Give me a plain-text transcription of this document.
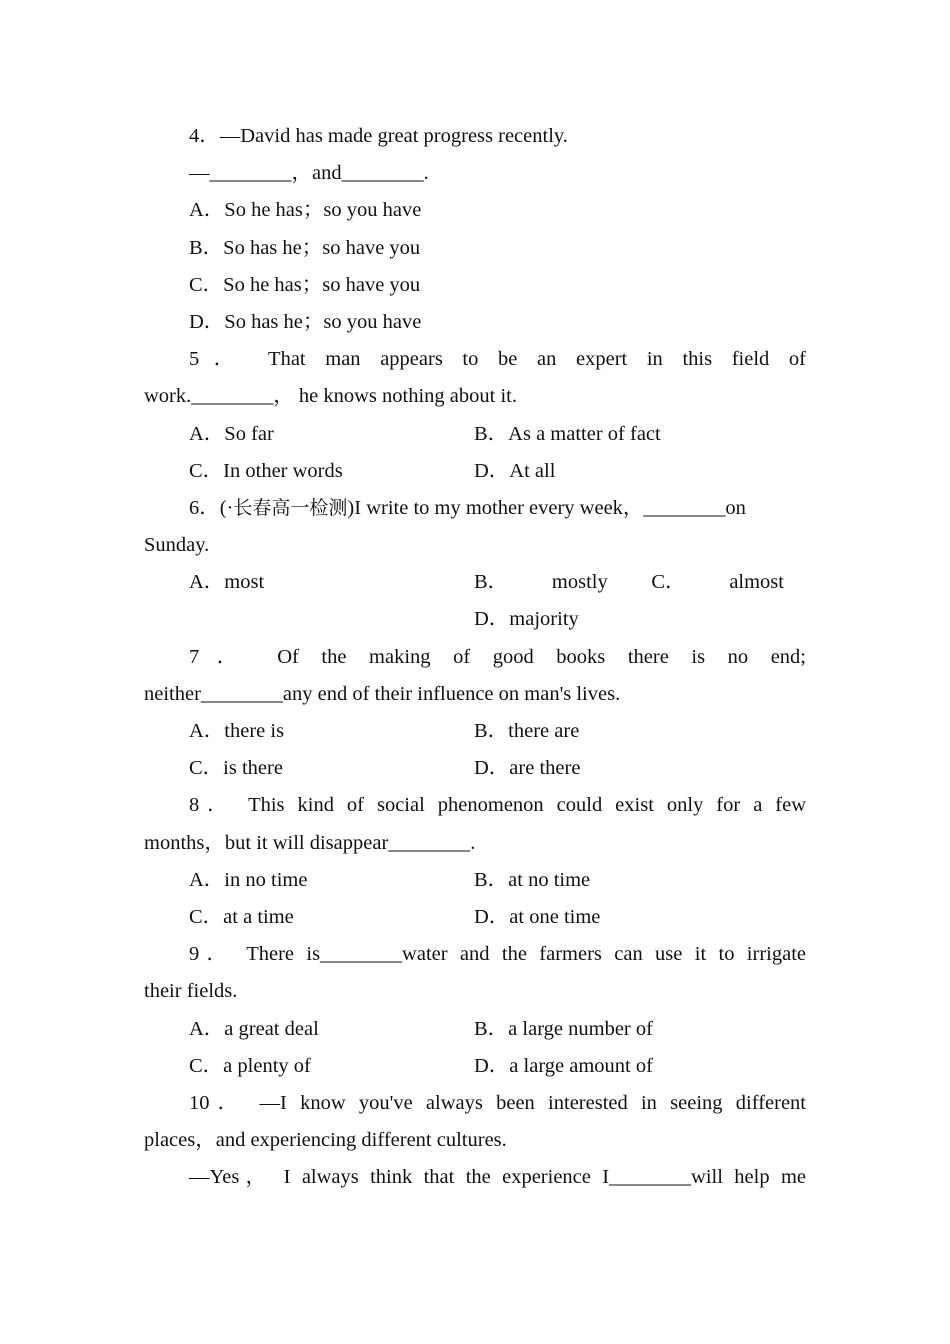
4．—David has made great progress recently.
—________，and________.
A．So he has；so you have
B．So has he；so have you
C．So he has；so have you
D．So has he；so you have
5． That man appears to be an expert in this field of
work.________， he knows nothing about it.
A．So far	B．As a matter of fact
C．In other words	D．At all
6．(·长春高一检测)I write to my mother every week，________on
Sunday.
A．most	B． mostly C． almost
D．majority
7． Of the making of good books there is no end;
neither________any end of their influence on man's lives.
A．there is	B．there are
C．is there	D．are there
8． This kind of social phenomenon could exist only for a few
months，but it will disappear________.
A．in no time	B．at no time
C．at a time	D．at one time
9． There is________water and the farmers can use it to irrigate
their fields.
A．a great deal	B．a large number of
C．a plenty of	D．a large amount of
10． —I know you've always been interested in seeing different
places，and experiencing different cultures.
—Yes， I always think that the experience I________will help me
